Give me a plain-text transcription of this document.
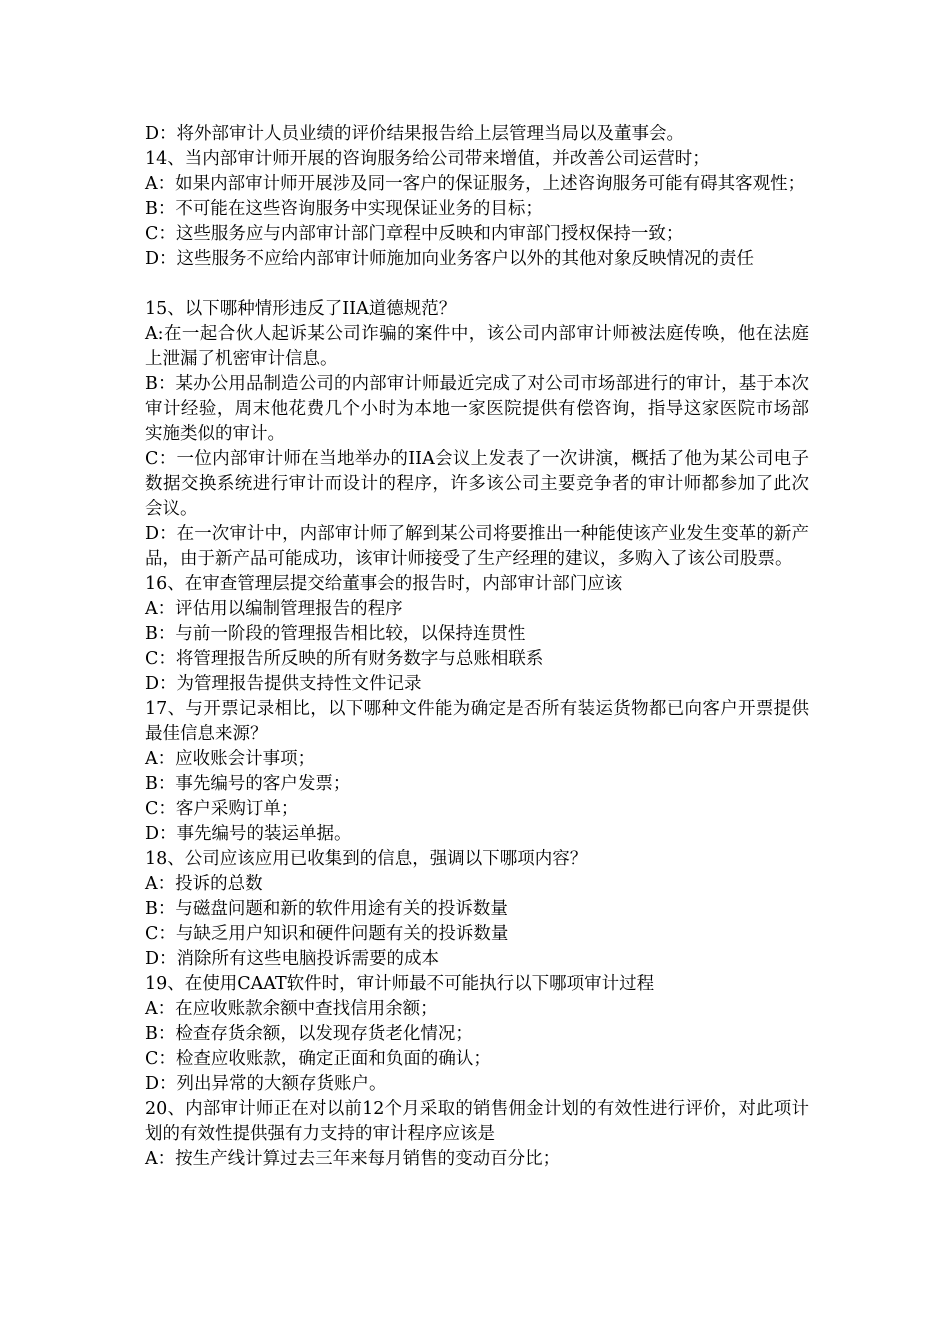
D：将外部审计人员业绩的评价结果报告给上层管理当局以及董事会。
14、当内部审计师开展的咨询服务给公司带来增值，并改善公司运营时；
A：如果内部审计师开展涉及同一客户的保证服务，上述咨询服务可能有碍其客观性；
B：不可能在这些咨询服务中实现保证业务的目标；
C：这些服务应与内部审计部门章程中反映和内审部门授权保持一致；
D：这些服务不应给内部审计师施加向业务客户以外的其他对象反映情况的责任
15、以下哪种情形违反了IIA道德规范？
A:在一起合伙人起诉某公司诈骗的案件中，该公司内部审计师被法庭传唤，他在法庭上泄漏了机密审计信息。
B：某办公用品制造公司的内部审计师最近完成了对公司市场部进行的审计，基于本次审计经验，周末他花费几个小时为本地一家医院提供有偿咨询，指导这家医院市场部实施类似的审计。
C：一位内部审计师在当地举办的IIA会议上发表了一次讲演，概括了他为某公司电子数据交换系统进行审计而设计的程序，许多该公司主要竞争者的审计师都参加了此次会议。
D：在一次审计中，内部审计师了解到某公司将要推出一种能使该产业发生变革的新产品，由于新产品可能成功，该审计师接受了生产经理的建议，多购入了该公司股票。
16、在审查管理层提交给董事会的报告时，内部审计部门应该
A：评估用以编制管理报告的程序
B：与前一阶段的管理报告相比较，以保持连贯性
C：将管理报告所反映的所有财务数字与总账相联系
D：为管理报告提供支持性文件记录
17、与开票记录相比，以下哪种文件能为确定是否所有装运货物都已向客户开票提供最佳信息来源？
A：应收账会计事项；
B：事先编号的客户发票；
C：客户采购订单；
D：事先编号的装运单据。
18、公司应该应用已收集到的信息，强调以下哪项内容？
A：投诉的总数
B：与磁盘问题和新的软件用途有关的投诉数量
C：与缺乏用户知识和硬件问题有关的投诉数量
D：消除所有这些电脑投诉需要的成本
19、在使用CAAT软件时，审计师最不可能执行以下哪项审计过程
A：在应收账款余额中查找信用余额；
B：检查存货余额，以发现存货老化情况；
C：检查应收账款，确定正面和负面的确认；
D：列出异常的大额存货账户。
20、内部审计师正在对以前12个月采取的销售佣金计划的有效性进行评价，对此项计划的有效性提供强有力支持的审计程序应该是
A：按生产线计算过去三年来每月销售的变动百分比；
